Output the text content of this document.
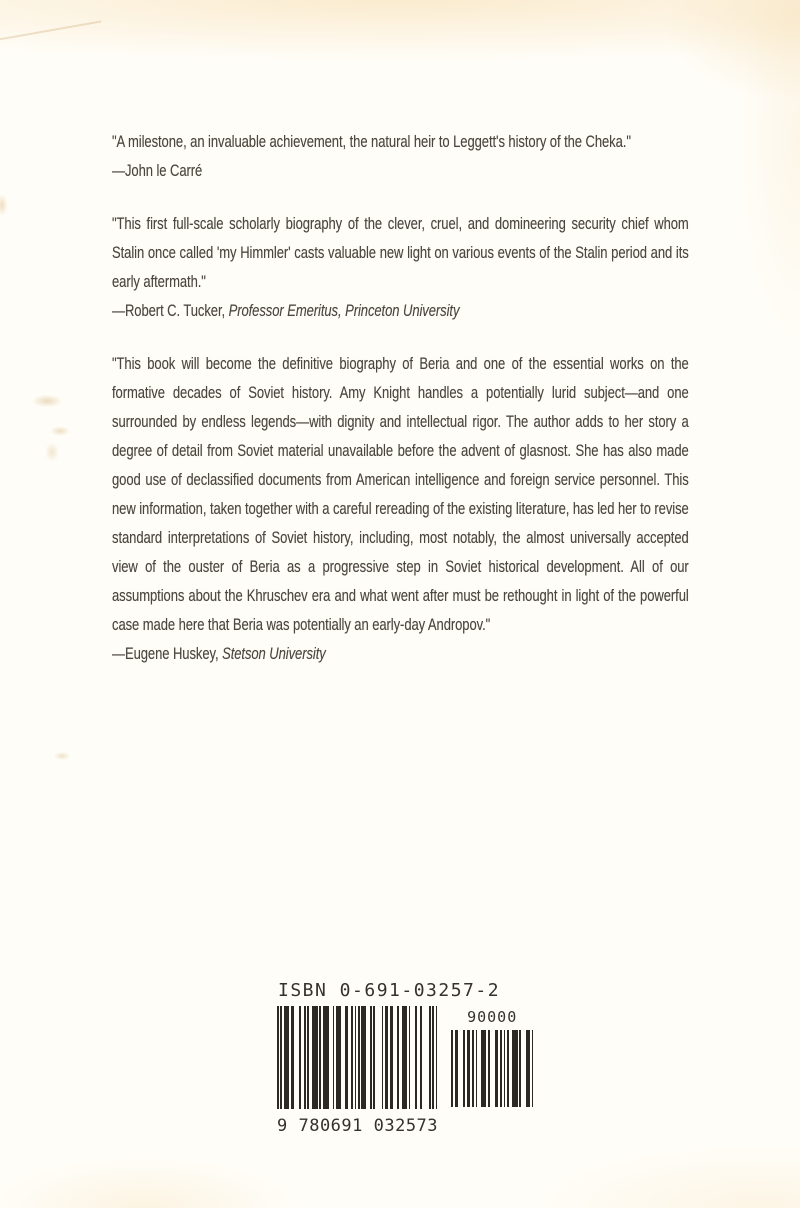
"A milestone, an invaluable achievement, the natural heir to Leggett's history of the Cheka."

—John le Carré

"This first full-scale scholarly biography of the clever, cruel, and domineering security chief whom Stalin once called 'my Himmler' casts valuable new light on various events of the Stalin period and its early aftermath."

—Robert C. Tucker, Professor Emeritus, Princeton University

"This book will become the definitive biography of Beria and one of the essential works on the formative decades of Soviet history. Amy Knight handles a potentially lurid subject—and one surrounded by endless legends—with dignity and intellectual rigor. The author adds to her story a degree of detail from Soviet material unavailable before the advent of glasnost. She has also made good use of declassified documents from American intelligence and foreign service personnel. This new information, taken together with a careful rereading of the existing literature, has led her to revise standard interpretations of Soviet history, including, most notably, the almost universally accepted view of the ouster of Beria as a progressive step in Soviet historical development. All of our assumptions about the Khruschev era and what went after must be rethought in light of the powerful case made here that Beria was potentially an early-day Andropov."

—Eugene Huskey, Stetson University

ISBN 0-691-03257-2
9 780691 032573
90000
